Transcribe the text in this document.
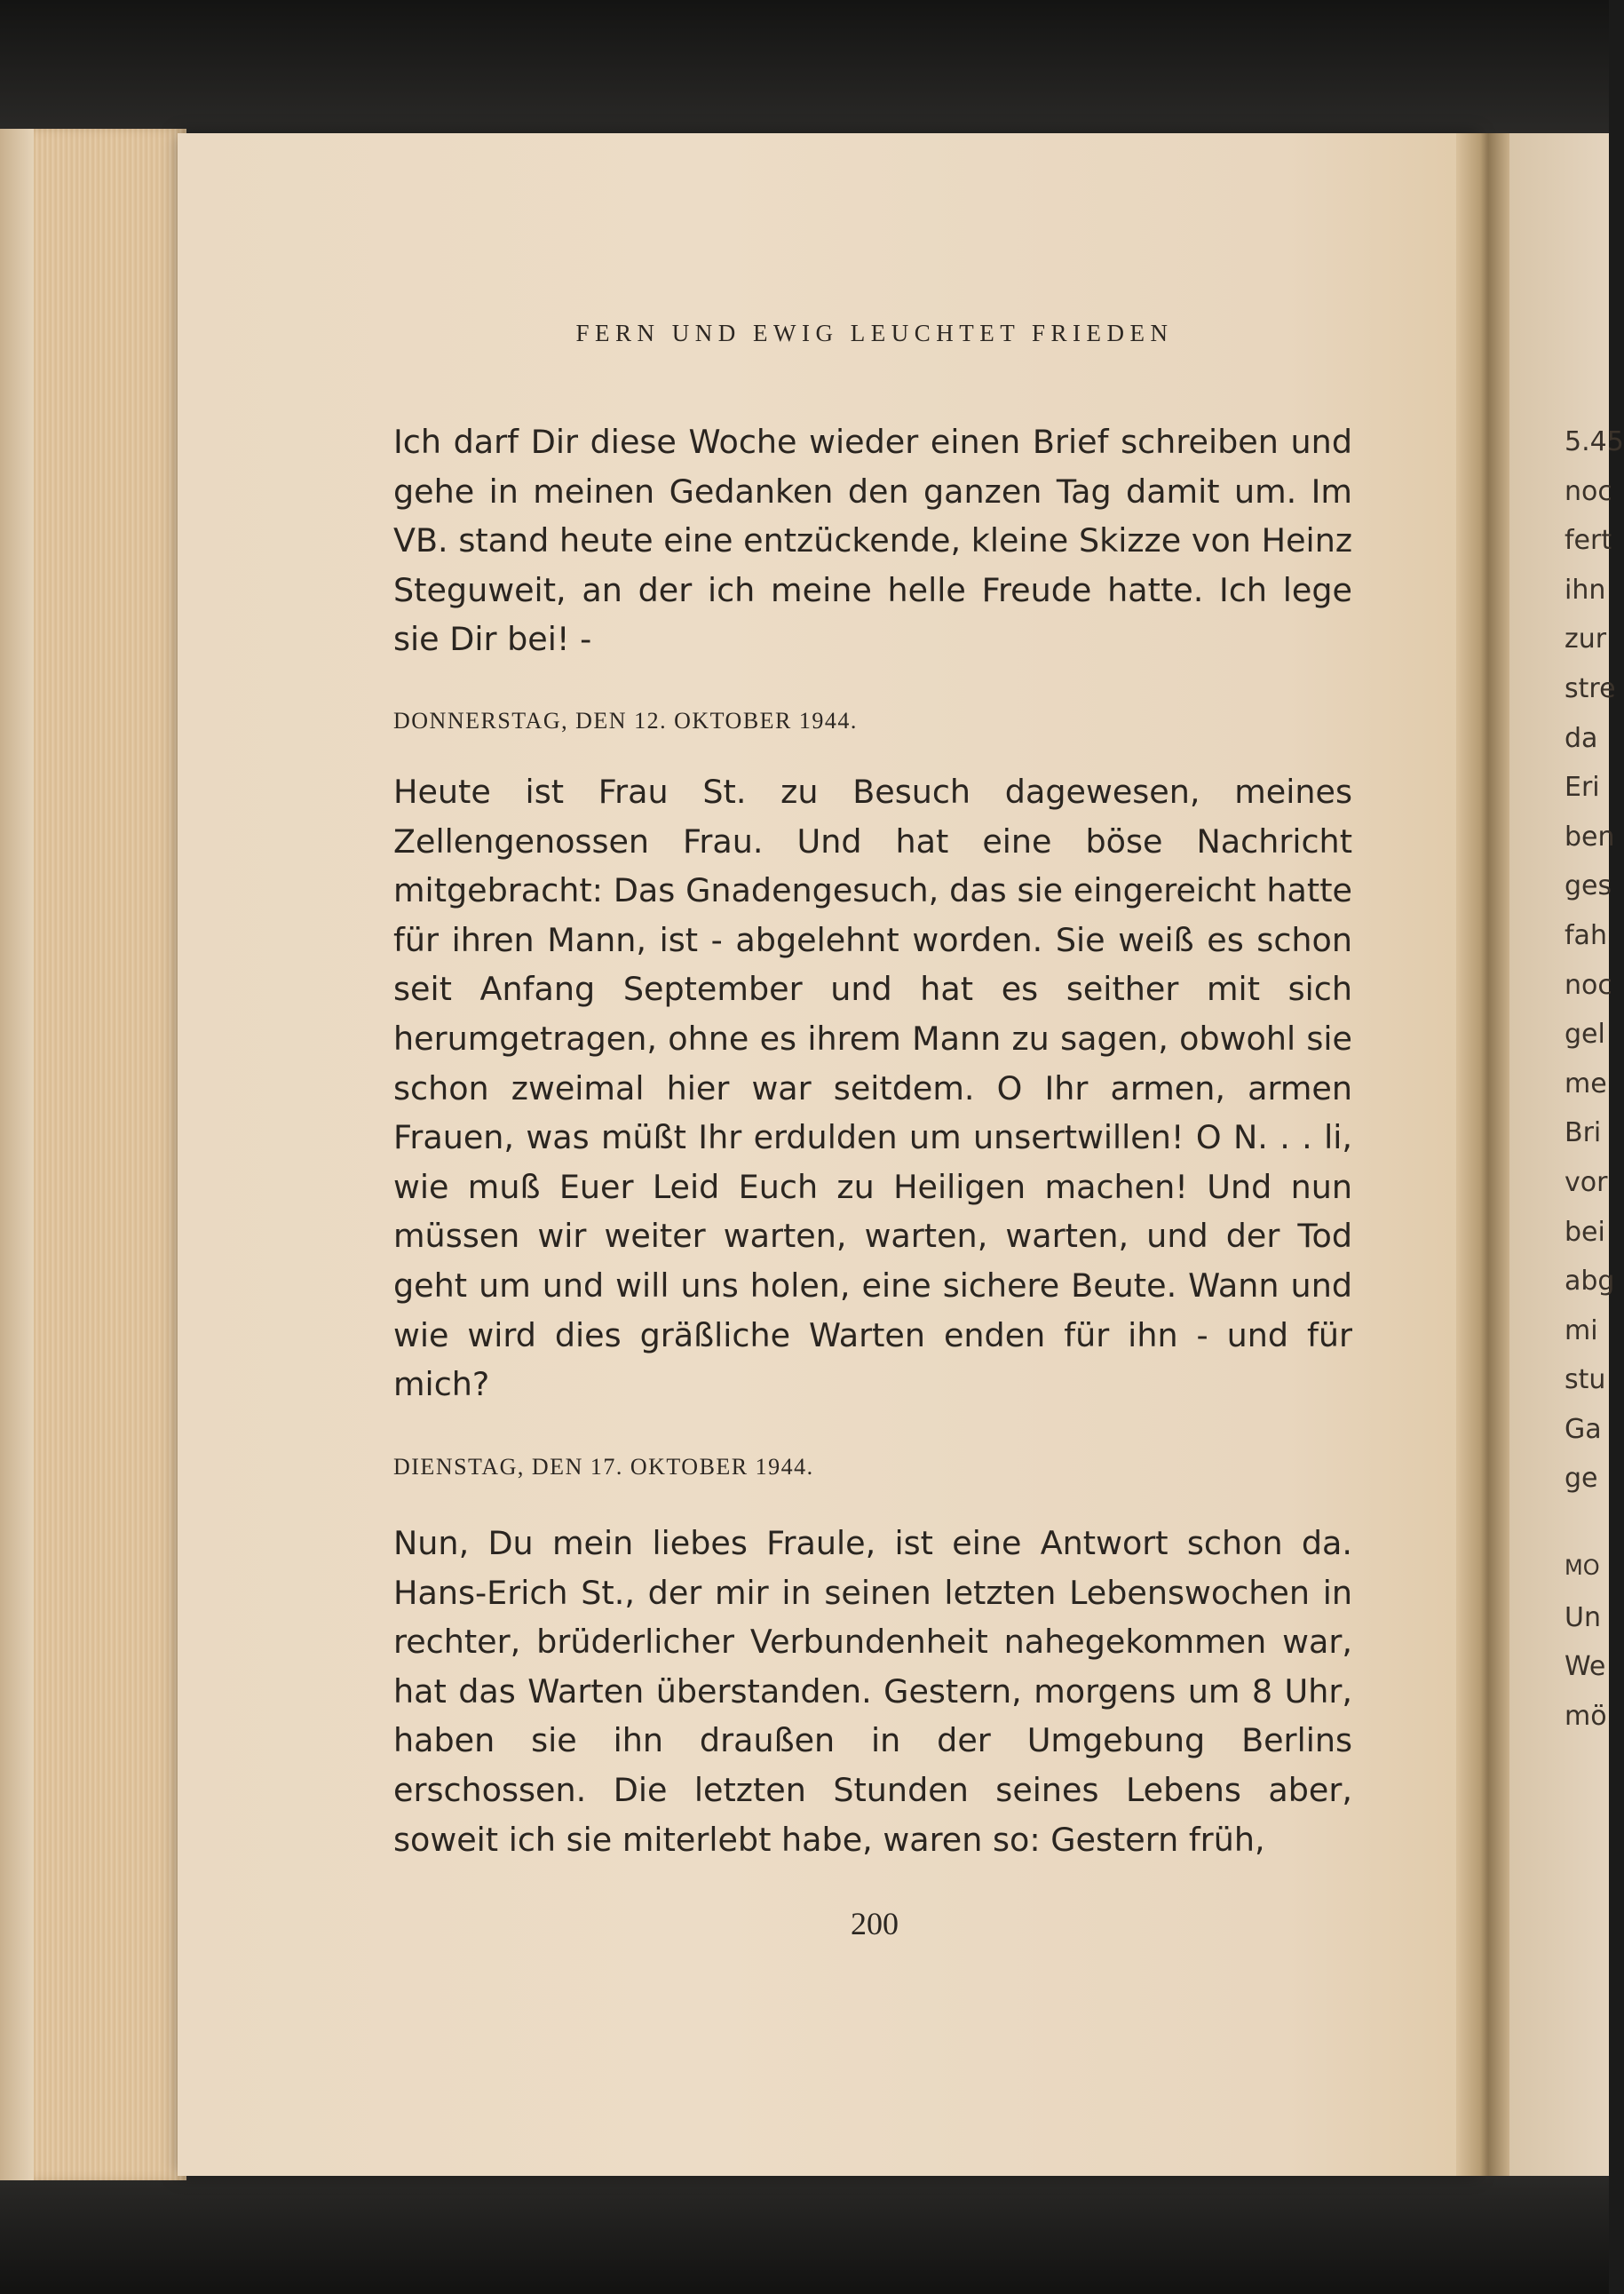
FERN UND EWIG LEUCHTET FRIEDEN

Ich darf Dir diese Woche wieder einen Brief schreiben und gehe in meinen Gedanken den ganzen Tag damit um. Im VB. stand heute eine entzückende, kleine Skizze von Heinz Steguweit, an der ich meine helle Freude hatte. Ich lege sie Dir bei! -

DONNERSTAG, DEN 12. OKTOBER 1944.

Heute ist Frau St. zu Besuch dagewesen, meines Zellengenossen Frau. Und hat eine böse Nachricht mitgebracht: Das Gnadengesuch, das sie eingereicht hatte für ihren Mann, ist - abgelehnt worden. Sie weiß es schon seit Anfang September und hat es seither mit sich herumgetragen, ohne es ihrem Mann zu sagen, obwohl sie schon zweimal hier war seitdem. O Ihr armen, armen Frauen, was müßt Ihr erdulden um unsertwillen! O N. . . li, wie muß Euer Leid Euch zu Heiligen machen! Und nun müssen wir weiter warten, warten, warten, und der Tod geht um und will uns holen, eine sichere Beute. Wann und wie wird dies gräßliche Warten enden für ihn - und für mich?

DIENSTAG, DEN 17. OKTOBER 1944.

Nun, Du mein liebes Fraule, ist eine Antwort schon da. Hans-Erich St., der mir in seinen letzten Lebenswochen in rechter, brüderlicher Verbundenheit nahegekommen war, hat das Warten überstanden. Gestern, morgens um 8 Uhr, haben sie ihn draußen in der Umgebung Berlins erschossen. Die letzten Stunden seines Lebens aber, soweit ich sie miterlebt habe, waren so: Gestern früh,

200
5.45
noc
fert
ihn
zur
stre
da
Eri
ben
ges
fah
noc
gel
me
Bri
vor
bei
abg
mi
stu
Ga
ge
MO
Un
We
mö
